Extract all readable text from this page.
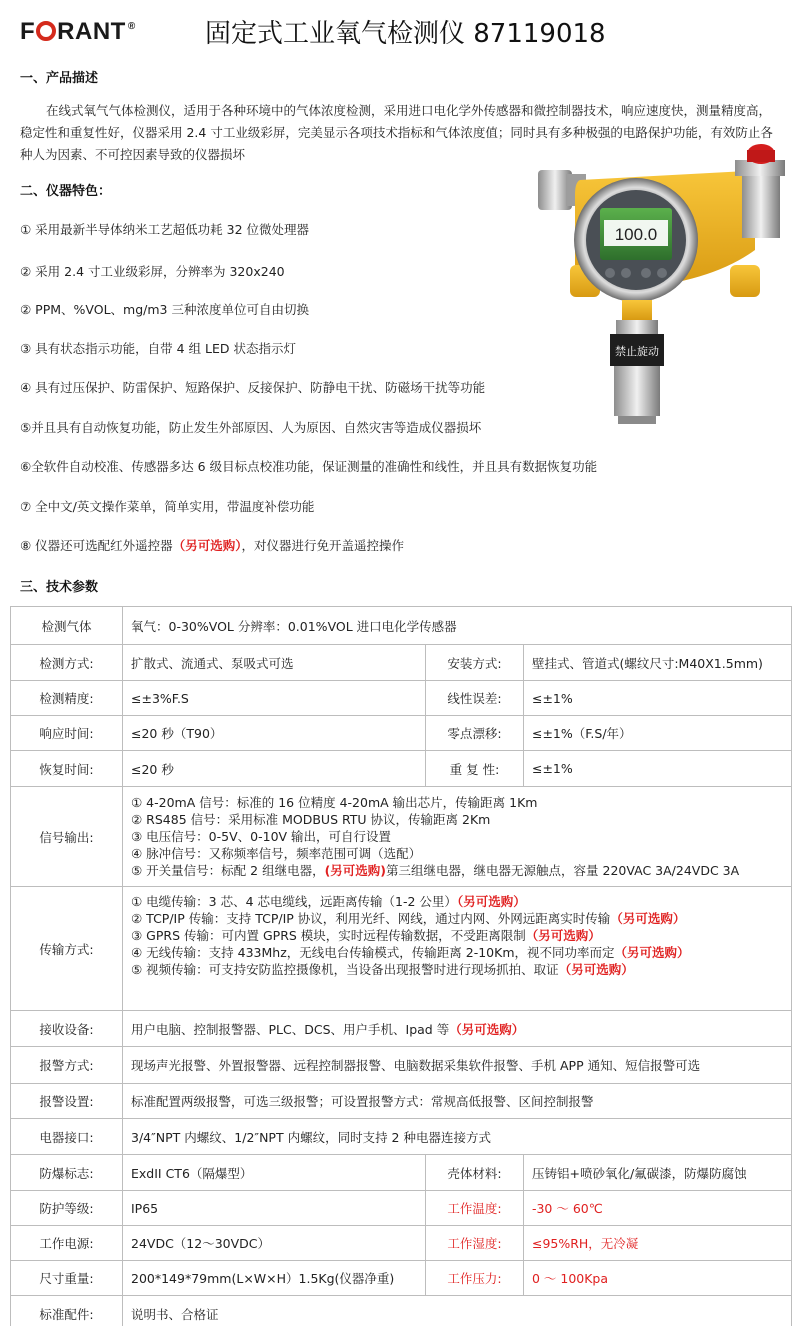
F RANT ®	固定式工业氧气检测仪 87119018
一、产品描述
在线式氧气气体检测仪，适用于各种环境中的气体浓度检测，采用进口电化学外传感器和微控制器技术，响应速度快，测量精度高，稳定性和重复性好，仪器采用 2.4 寸工业级彩屏，完美显示各项技术指标和气体浓度值；同时具有多种极强的电路保护功能，有效防止各种人为因素、不可控因素导致的仪器损坏
二、仪器特色：
① 采用最新半导体纳米工艺超低功耗 32 位微处理器
② 采用 2.4 寸工业级彩屏，分辨率为 320x240
② PPM、%VOL、mg/m3 三种浓度单位可自由切换
③ 具有状态指示功能，自带 4 组 LED 状态指示灯
④ 具有过压保护、防雷保护、短路保护、反接保护、防静电干扰、防磁场干扰等功能
⑤并且具有自动恢复功能，防止发生外部原因、人为原因、自然灾害等造成仪器损坏
⑥全软件自动校准、传感器多达 6 级目标点校准功能，保证测量的准确性和线性，并且具有数据恢复功能
⑦ 全中文/英文操作菜单，简单实用，带温度补偿功能
⑧ 仪器还可选配红外遥控器（另可选购），对仪器进行免开盖遥控操作
三、技术参数
100.0
禁止旋动
检测气体	氧气：0-30%VOL 分辨率：0.01%VOL 进口电化学传感器		
检测方式:	扩散式、流通式、泵吸式可选	安装方式:	壁挂式、管道式(螺纹尺寸:M40X1.5mm)
检测精度:	≤±3%F.S	线性误差:	≤±1%
响应时间:	≤20 秒（T90）	零点漂移:	≤±1%（F.S/年）
恢复时间:	≤20 秒	重 复 性:	≤±1%
信号输出:	① 4-20mA 信号：标准的 16 位精度 4-20mA 输出芯片，传输距离 1Km
② RS485 信号：采用标准 MODBUS RTU 协议，传输距离 2Km
③ 电压信号：0-5V、0-10V 输出，可自行设置
④ 脉冲信号：又称频率信号，频率范围可调（选配）
⑤ 开关量信号：标配 2 组继电器，(另可选购)第三组继电器，继电器无源触点，容量 220VAC 3A/24VDC 3A		

传输方式:	① 电缆传输：3 芯、4 芯电缆线，远距离传输（1-2 公里）（另可选购）
② TCP/IP 传输：支持 TCP/IP 协议，利用光纤、网线，通过内网、外网远距离实时传输（另可选购）
③ GPRS 传输：可内置 GPRS 模块，实时远程传输数据，不受距离限制（另可选购）
④ 无线传输：支持 433Mhz，无线电台传输模式，传输距离 2-10Km，视不同功率而定（另可选购）
⑤ 视频传输：可支持安防监控摄像机，当设备出现报警时进行现场抓拍、取证（另可选购）		

接收设备:	用户电脑、控制报警器、PLC、DCS、用户手机、Ipad 等（另可选购）		
报警方式:	现场声光报警、外置报警器、远程控制器报警、电脑数据采集软件报警、手机 APP 通知、短信报警可选		
报警设置:	标准配置两级报警，可选三级报警；可设置报警方式：常规高低报警、区间控制报警		
电器接口:	3/4″NPT 内螺纹、1/2″NPT 内螺纹，同时支持 2 种电器连接方式		
防爆标志:	ExdII CT6（隔爆型）	壳体材料:	压铸铝+喷砂氧化/氟碳漆，防爆防腐蚀
防护等级:	IP65	工作温度:	-30 ～ 60℃
工作电源:	24VDC（12～30VDC）	工作湿度:	≤95%RH，无冷凝
尺寸重量:	200*149*79mm(L×W×H）1.5Kg(仪器净重)	工作压力:	0 ～ 100Kpa
标准配件:	说明书、合格证		
